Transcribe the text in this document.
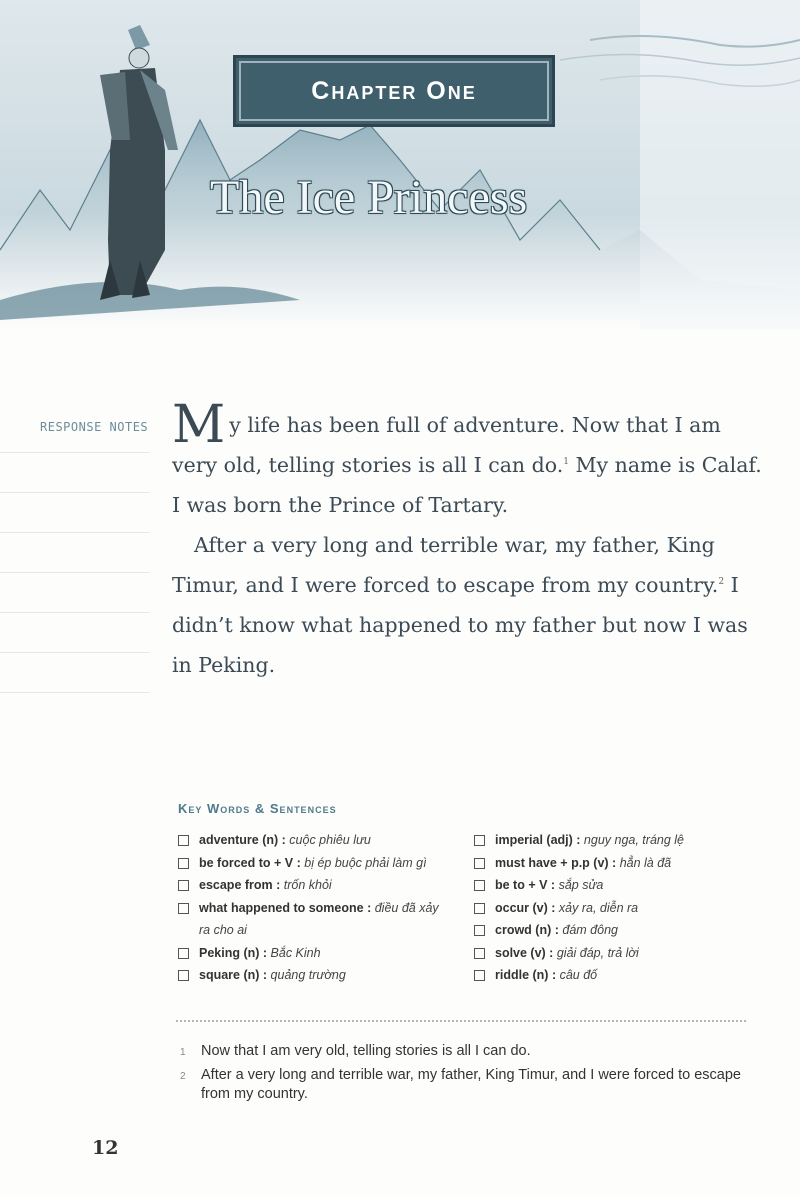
Chapter One
The Ice Princess
RESPONSE NOTES My life has been full of adventure. Now that I am very old, telling stories is all I can do.$^1$ My name is Calaf. I was born the Prince of Tartary.

After a very long and terrible war, my father, King Timur, and I were forced to escape from my country.$^2$ I didn’t know what happened to my father but now I was in Peking.

Key Words & Sentences
adventure (n) : cuộc phiêu lưu
be forced to + V : bị ép buộc phải làm gì
escape from : trốn khỏi
what happened to someone : điều đã xảy ra cho ai
Peking (n) : Bắc Kinh
square (n) : quảng trường
imperial (adj) : nguy nga, tráng lệ
must have + p.p (v) : hẳn là đã
be to + V : sắp sửa
occur (v) : xảy ra, diễn ra
crowd (n) : đám đông
solve (v) : giải đáp, trả lời
riddle (n) : câu đố
1	Now that I am very old, telling stories is all I can do.
2	After a very long and terrible war, my father, King Timur, and I were forced to escape from my country.
12
